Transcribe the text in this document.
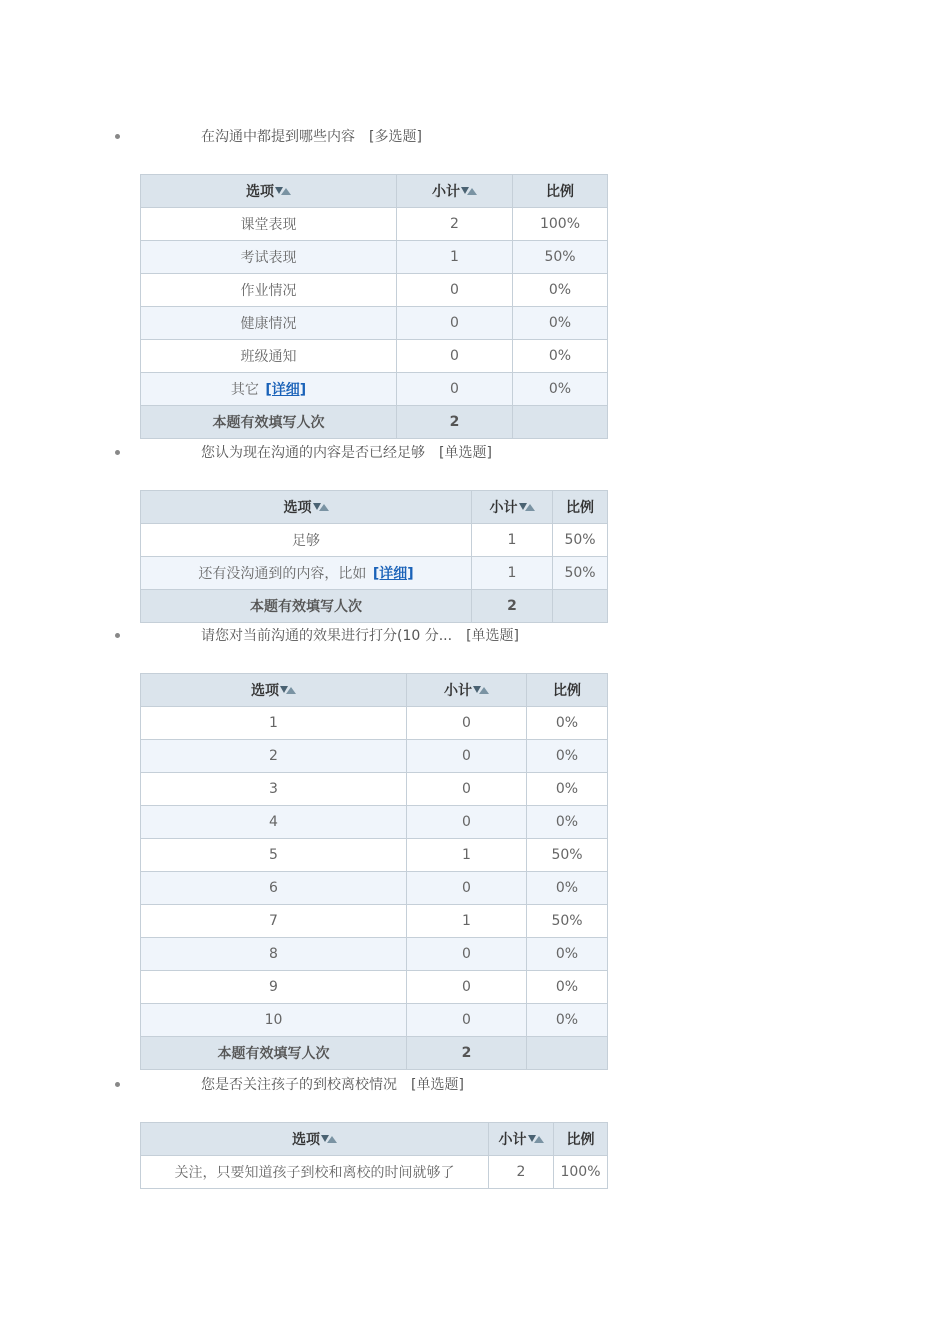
在沟通中都提到哪些内容 [多选题]
选项	小计	比例
课堂表现	2	100%
考试表现	1	50%
作业情况	0	0%
健康情况	0	0%
班级通知	0	0%
其它 [详细]	0	0%
本题有效填写人次	2	
您认为现在沟通的内容是否已经足够 [单选题]
选项	小计	比例
足够	1	50%
还有没沟通到的内容，比如 [详细]	1	50%
本题有效填写人次	2	
请您对当前沟通的效果进行打分(10 分... [单选题]
选项	小计	比例
1	0	0%
2	0	0%
3	0	0%
4	0	0%
5	1	50%
6	0	0%
7	1	50%
8	0	0%
9	0	0%
10	0	0%
本题有效填写人次	2	
您是否关注孩子的到校离校情况 [单选题]
选项	小计	比例
关注，只要知道孩子到校和离校的时间就够了	2	100%
